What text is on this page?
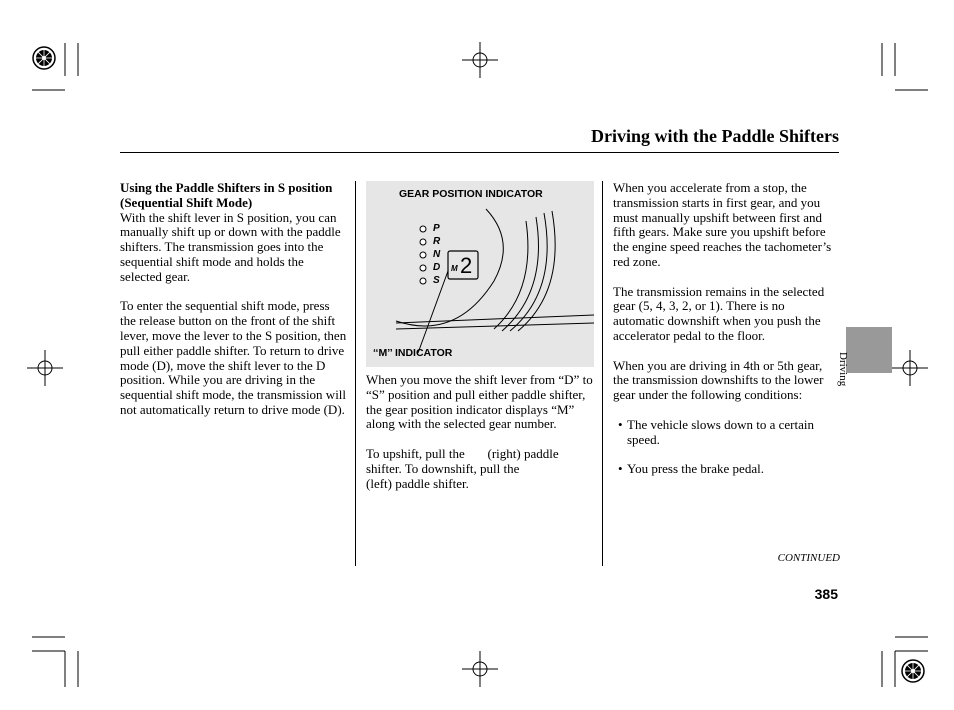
Driving with the Paddle Shifters
Using the Paddle Shifters in S position (Sequential Shift Mode)

With the shift lever in S position, you can manually shift up or down with the paddle shifters. The transmission goes into the sequential shift mode and holds the selected gear.

To enter the sequential shift mode, press the release button on the front of the shift lever, move the lever to the S position, then pull either paddle shifter. To return to drive mode (D), move the shift lever to the D position. While you are driving in the sequential shift mode, the transmission will not automatically return to drive mode (D).

P
R
N
D
S
M 2
GEAR POSITION INDICATOR
‘‘M’’ INDICATOR

When you move the shift lever from “D” to “S” position and pull either paddle shifter, the gear position indicator displays “M” along with the selected gear number.

To upshift, pull the       (right) paddle
shifter. To downshift, pull the
(left) paddle shifter.

When you accelerate from a stop, the transmission starts in first gear, and you must manually upshift between first and fifth gears. Make sure you upshift before the engine speed reaches the tachometer’s red zone.

The transmission remains in the selected gear (5, 4, 3, 2, or 1). There is no automatic downshift when you push the accelerator pedal to the floor.

When you are driving in 4th or 5th gear, the transmission downshifts to the lower gear under the following conditions:

• The vehicle slows down to a certain speed.

• You press the brake pedal.

Driving
CONTINUED
385
